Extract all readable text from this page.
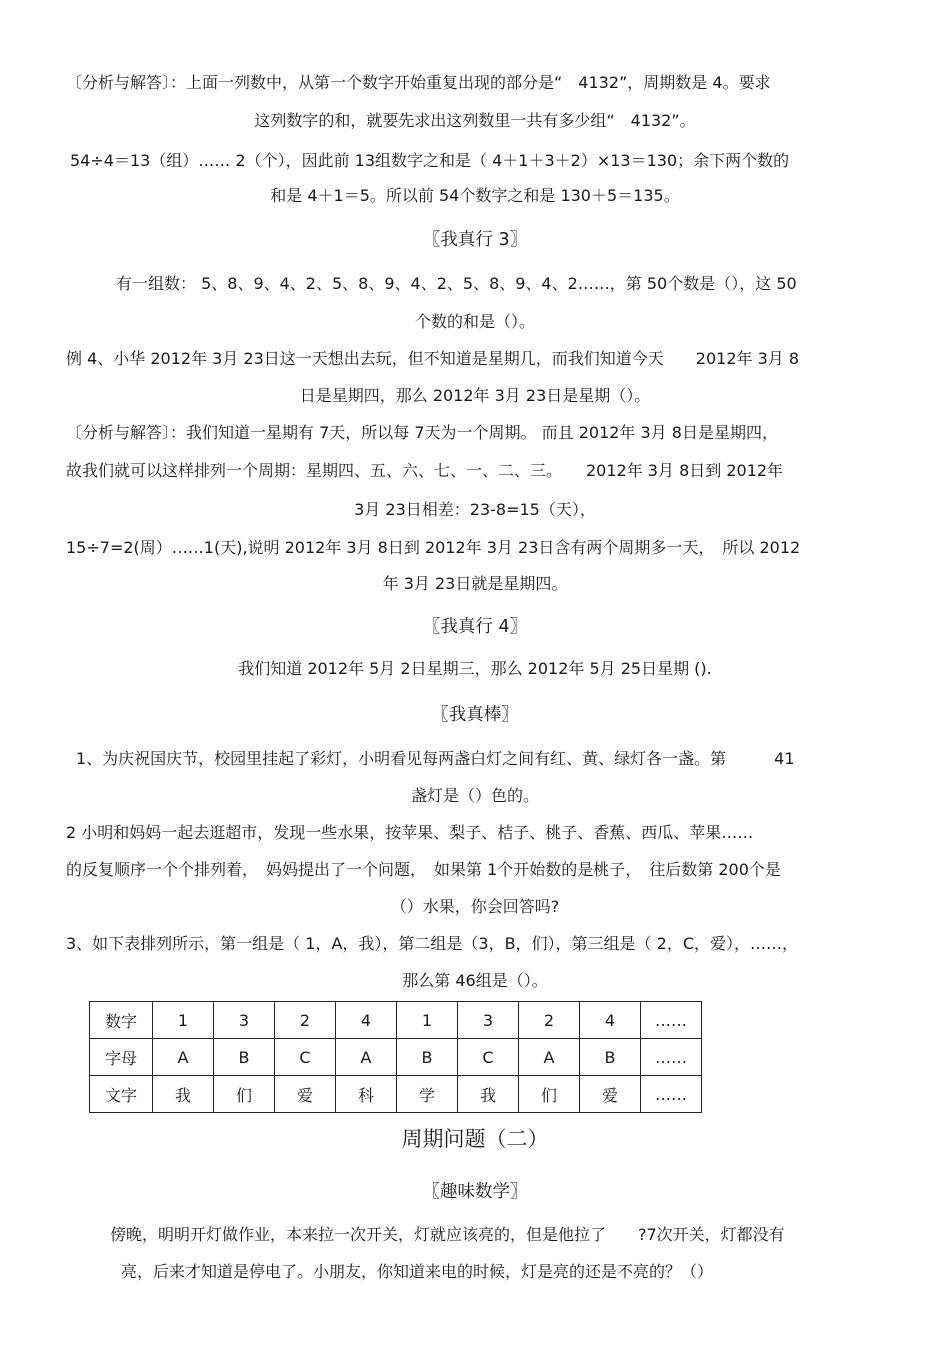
〔分析与解答〕：上面一列数中，从第一个数字开始重复出现的部分是“　4132”，周期数是 4。要求
这列数字的和，就要先求出这列数里一共有多少组“　4132”。
54÷4＝13（组）…… 2（个），因此前 13组数字之和是（ 4＋1＋3＋2）×13＝130；余下两个数的
和是 4＋1＝5。所以前 54个数字之和是 130＋5＝135。
〖我真行 3〗
有一组数： 5、8、9、4、2、5、8、9、4、2、5、8、9、4、2……，第 50个数是（），这 50
个数的和是（）。
例 4、小华 2012年 3月 23日这一天想出去玩，但不知道是星期几，而我们知道今天　　2012年 3月 8
日是星期四，那么 2012年 3月 23日是星期（）。
〔分析与解答〕：我们知道一星期有 7天，所以每 7天为一个周期。 而且 2012年 3月 8日是星期四，
故我们就可以这样排列一个周期：星期四、五、六、七、一、二、三。　　2012年 3月 8日到 2012年
3月 23日相差：23-8=15（天），
15÷7=2(周）……1(天),说明 2012年 3月 8日到 2012年 3月 23日含有两个周期多一天，　所以 2012
年 3月 23日就是星期四。
〖我真行 4〗
我们知道 2012年 5月 2日星期三，那么 2012年 5月 25日星期 ().
〖我真棒〗
1、为庆祝国庆节，校园里挂起了彩灯，小明看见每两盏白灯之间有红、黄、绿灯各一盏。第　　　41
盏灯是（）色的。
2 小明和妈妈一起去逛超市，发现一些水果，按苹果、梨子、桔子、桃子、香蕉、西瓜、苹果……
的反复顺序一个个排列着，　妈妈提出了一个问题，　如果第 1个开始数的是桃子，　往后数第 200个是
（）水果，你会回答吗?
3、如下表排列所示，第一组是（ 1，A，我），第二组是（3，B，们），第三组是（ 2，C，爱），……，
那么第 46组是（）。
数字	1	3	2	4	1	3	2	4	……
字母	A	B	C	A	B	C	A	B	……
文字	我	们	爱	科	学	我	们	爱	……
周期问题（二）
〖趣味数学〗
傍晚，明明开灯做作业，本来拉一次开关，灯就应该亮的，但是他拉了　　?7次开关，灯都没有
亮，后来才知道是停电了。小朋友，你知道来电的时候，灯是亮的还是不亮的？（）
